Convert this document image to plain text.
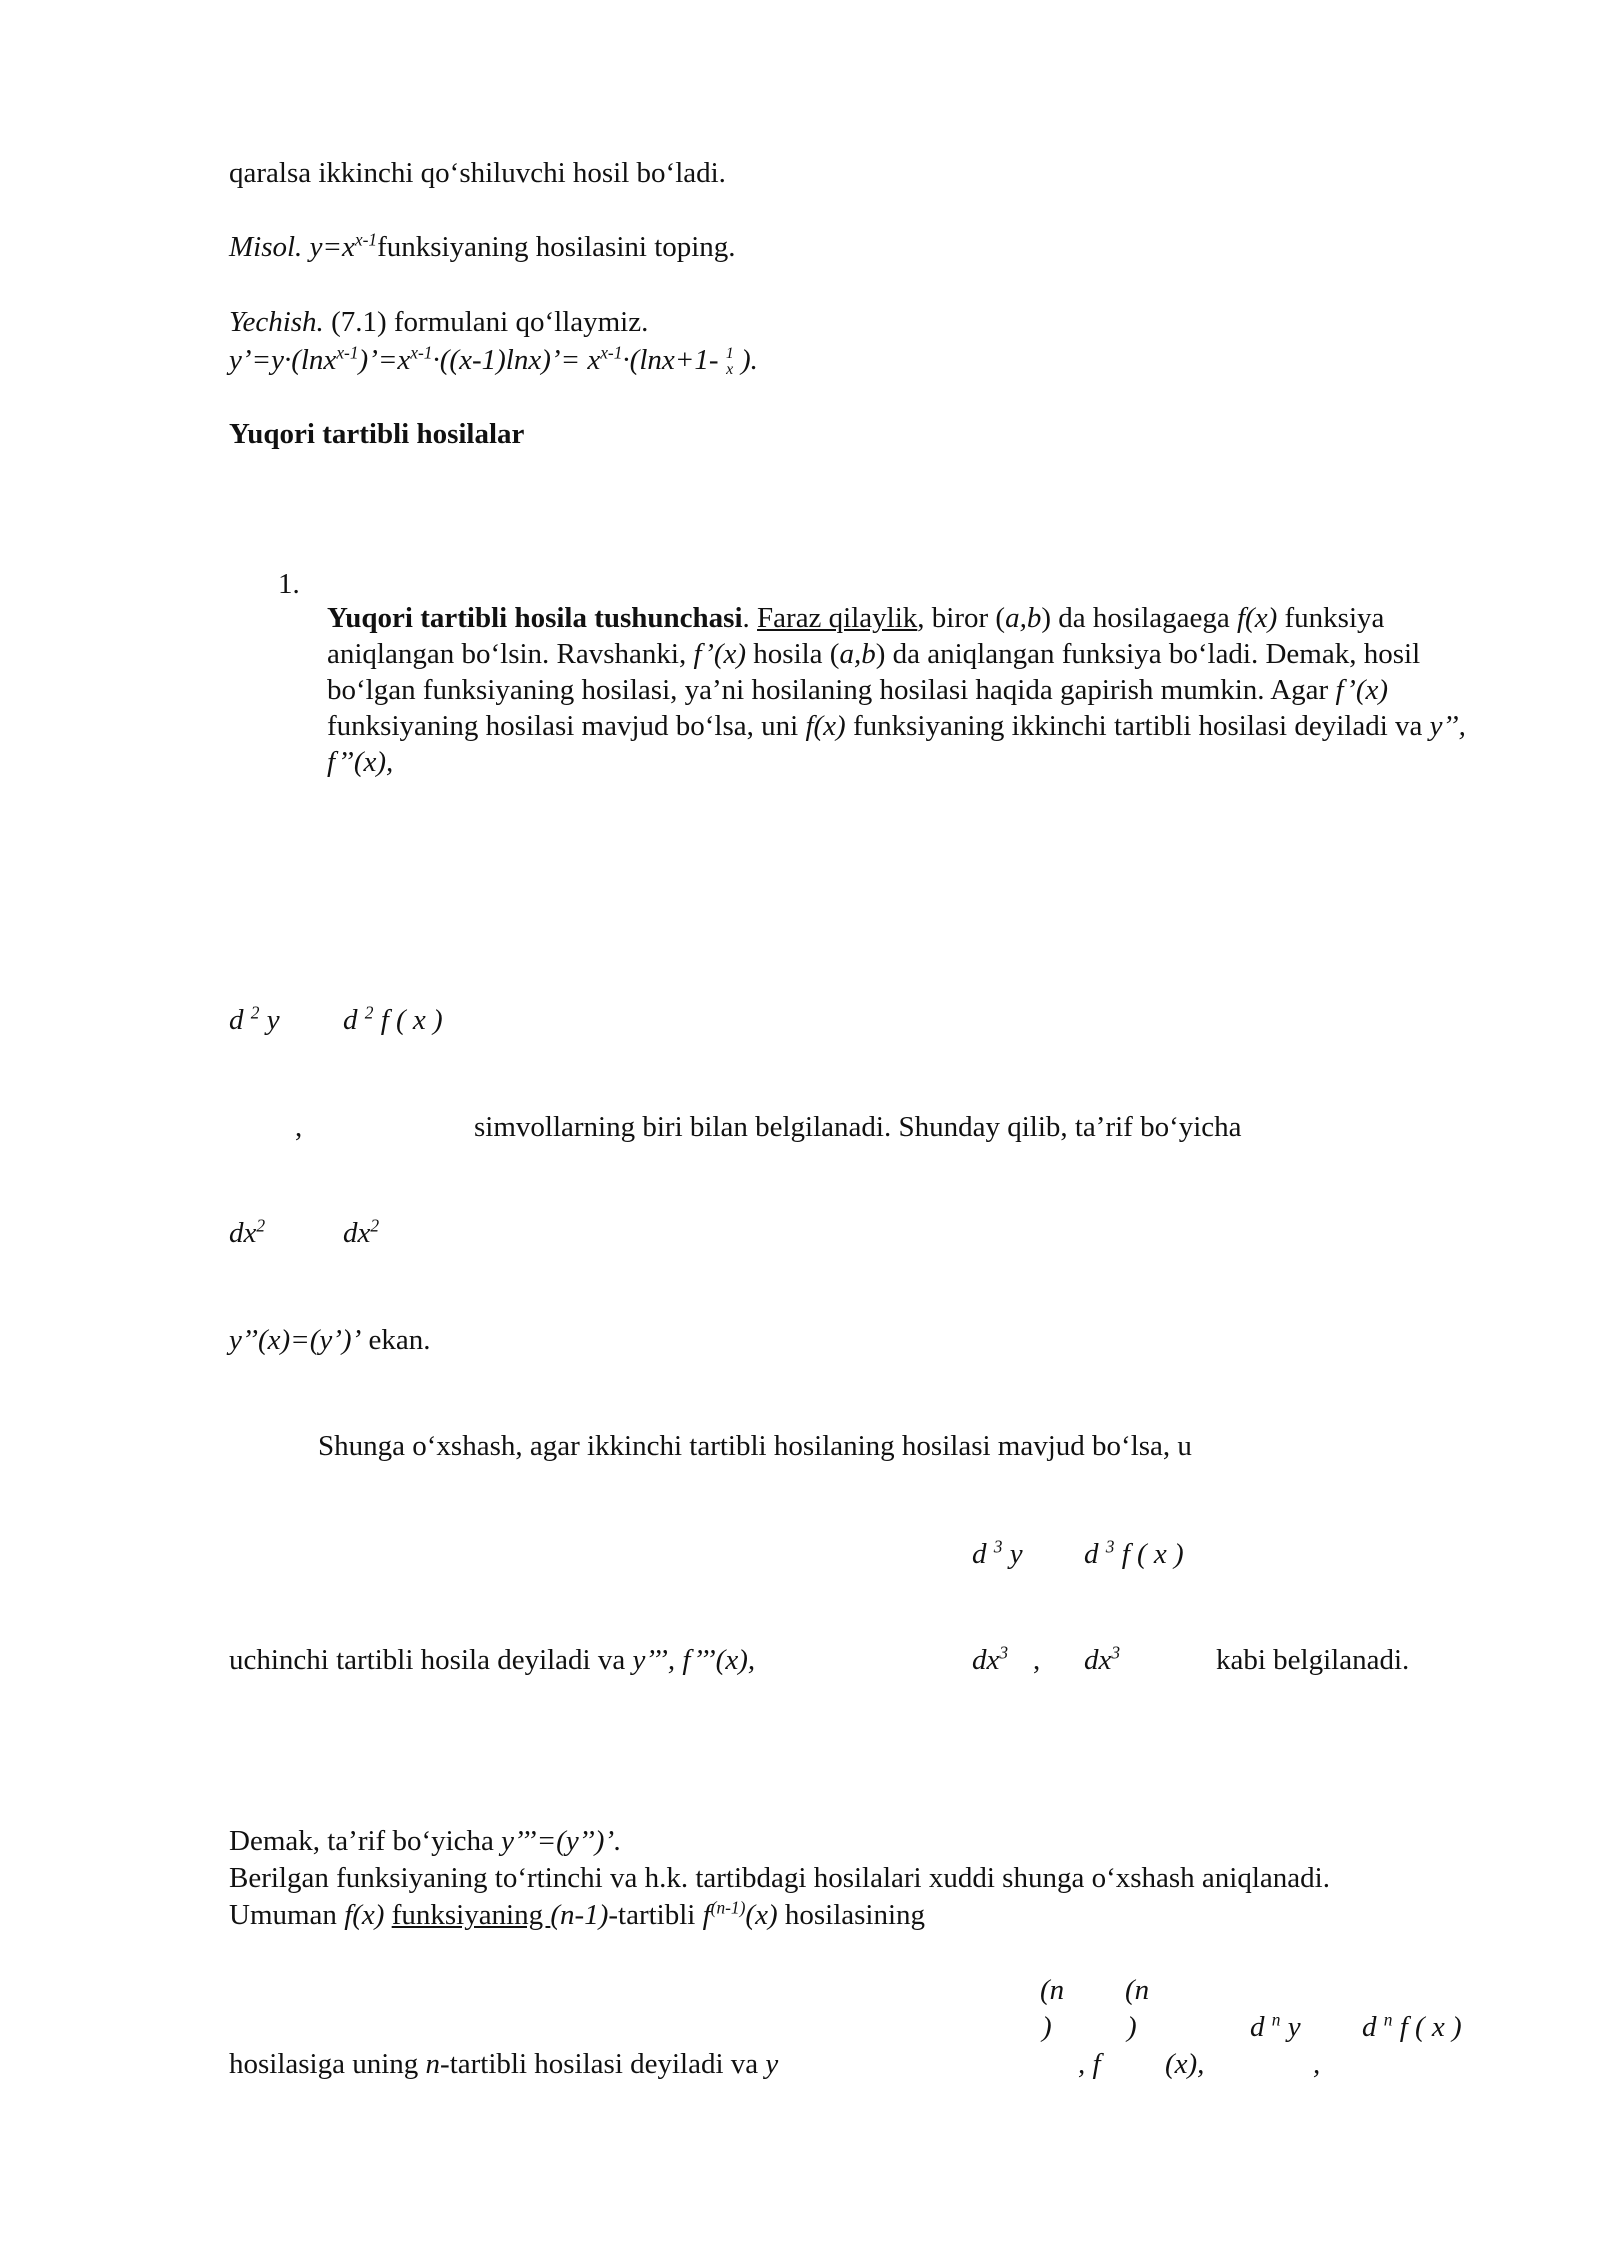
qaralsa ikkinchi qo‘shiluvchi hosil bo‘ladi.
Misol. $y=x^{x-1}funksiyaning$ hosilasini toping.
Yechish. (7.1) formulani qo‘llaymiz.
$y’=y\cdot(\ln x^{x-1})’=x^{x-1}\cdot((x-1)\ln x)’= x^{x-1}\cdot(\ln x+1-$ 1
x ).
Yuqori tartibli hosilalar
1.
Yuqori tartibli hosila tushunchasi. Faraz qilaylik, biror (a,b) da hosilagaega f(x) funksiya aniqlangan bo‘lsin. Ravshanki, f’(x) hosila (a,b) da aniqlangan funksiya bo‘ladi. Demak, hosil bo‘lgan funksiyaning hosilasi, ya’ni hosilaning hosilasi haqida gapirish mumkin. Agar f’(x) funksiyaning hosilasi mavjud bo‘lsa, uni f(x) funksiyaning ikkinchi tartibli hosilasi deyiladi va y’’, f’’(x),
d $^2$ y d $^2$ f ( x )
,	simvollarning biri bilan belgilanadi. Shunday qilib, ta’rif bo‘yicha
$dx^2$	$dx^2$
y’’(x)=(y’)’ ekan.
Shunga o‘xshash, agar ikkinchi tartibli hosilaning hosilasi mavjud bo‘lsa, u
d $^3$ y d $^3$ f ( x )
uchinchi tartibli hosila deyiladi va y’’’, f’’’(x),	$dx^3$ , $dx^3$	kabi belgilanadi.
Demak, ta’rif bo‘yicha y’’’=(y’’)’.
Berilgan funksiyaning to‘rtinchi va h.k. tartibdagi hosilalari xuddi shunga o‘xshash aniqlanadi.
Umuman f(x) funksiyaning (n-1)-tartibli $f^{(n-1)}(x)$ hosilasining
(n (n
)	)	d $^n$ y d $^n$ f ( x )
hosilasiga uning n-tartibli hosilasi deyiladi va y	, f (x),	,
